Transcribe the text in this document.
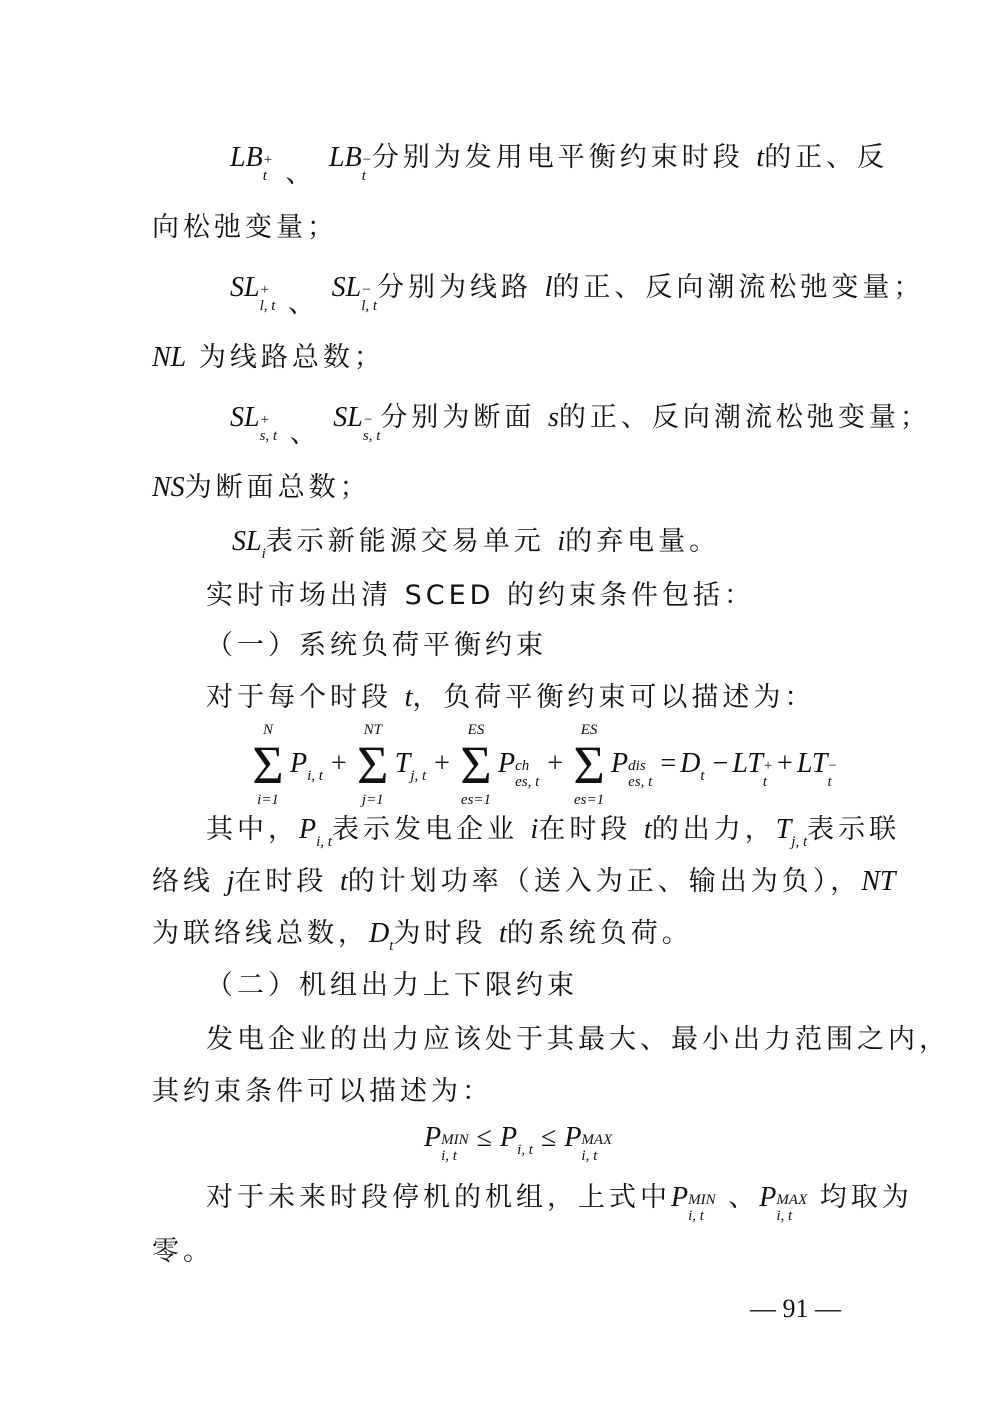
LB +
t 、 LB −
t
分别为发用电平衡约束时段 t的正、反
向松弛变量；
SL +
l, t 、 SL −
l, t
分别为线路 l的正、反向潮流松弛变量；
NL 为线路总数；
SL +
s, t 、 SL −
s, t
分别为断面 s的正、反向潮流松弛变量；
NS为断面总数；
$SL_i$表示新能源交易单元 i的弃电量。
实时市场出清 SCED 的约束条件包括：
（一）系统负荷平衡约束
对于每个时段 t，负荷平衡约束可以描述为：
N
Σ
i=1
Pi, t +
NT
Σ
j=1
Tj, t +
ES
Σ
es=1
P ch
es, t
+
ES
Σ
es=1
P dis
es, t
= Dt − LT +
t
+ LT −
t
其中，$P_{i, t}$表示发电企业 i在时段 t的出力，$T_{j, t}$表示联
络线 j在时段 t的计划功率（送入为正、输出为负），NT
为联络线总数，$D_t$为时段 t的系统负荷。
（二）机组出力上下限约束
发电企业的出力应该处于其最大、最小出力范围之内，
其约束条件可以描述为：
P MIN
i, t
≤ Pi, t ≤ P MAX
i, t
对于未来时段停机的机组，上式中P MIN
i, t
、P MAX
i, t
均取为
零。
— 91 —
